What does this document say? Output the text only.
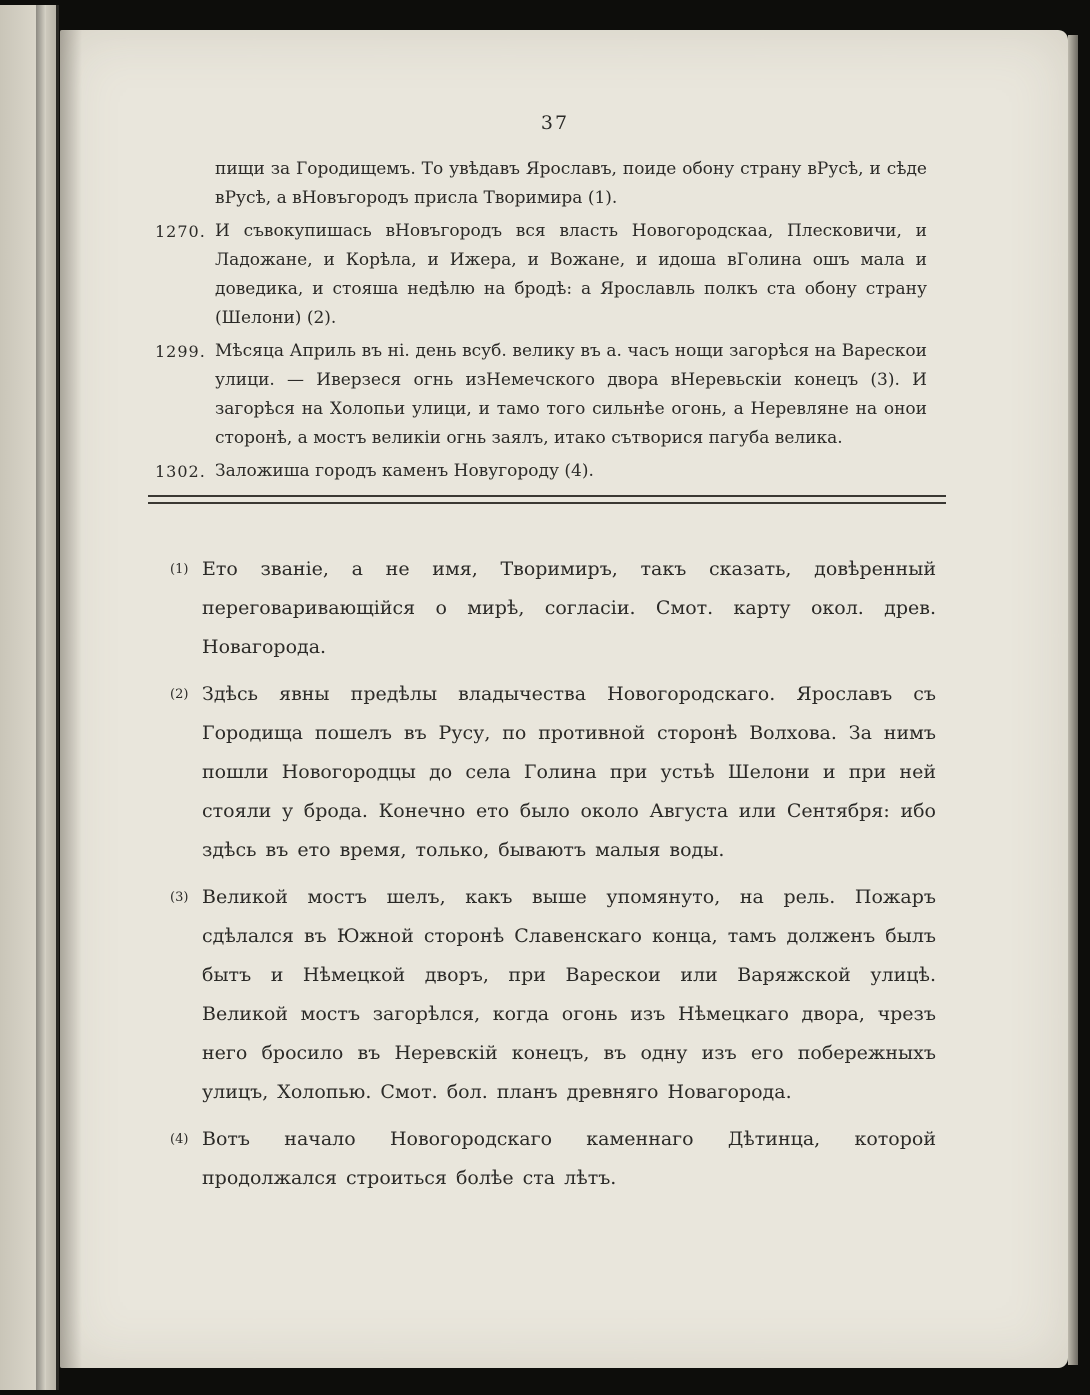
37
пищи за Городищемъ. То увѣдавъ Ярославъ, поиде обону страну вРусѣ, и сѣде вРусѣ, а вНовъгородъ присла Творимира (1).
1270. И съвокупишась вНовъгородъ вся власть Новогородскаа, Плесковичи, и Ладожане, и Корѣла, и Ижера, и Вожане, и идоша вГолина ошъ мала и доведика, и стояша недѣлю на бродѣ: а Ярославль полкъ ста обону страну (Шелони) (2).
1299. Мѣсяца Априль въ ні. день всуб. велику въ а. часъ нощи загорѣся на Варескои улици. — Иверзеся огнь изНемечского двора вНеревьскіи конецъ (3). И загорѣся на Холопьи улици, и тамо того сильнѣе огонь, а Неревляне на онои сторонѣ, а мостъ великіи огнь заялъ, итако сътворися пагуба велика.
1302. Заложиша городъ каменъ Новугороду (4).
(1) Ето званіе, а не имя, Творимиръ, такъ сказать, довѣренный переговаривающійся о мирѣ, согласіи. Смот. карту окол. древ. Новагорода.
(2) Здѣсь явны предѣлы владычества Новогородскаго. Ярославъ съ Городища пошелъ въ Русу, по противной сторонѣ Волхова. За нимъ пошли Новогородцы до села Голина при устьѣ Шелони и при ней стояли у брода. Конечно ето было около Августа или Сентября: ибо здѣсь въ ето время, только, бываютъ малыя воды.
(3) Великой мостъ шелъ, какъ выше упомянуто, на рель. Пожаръ сдѣлался въ Южной сторонѣ Славенскаго конца, тамъ долженъ былъ бытъ и Нѣмецкой дворъ, при Варескои или Варяжской улицѣ. Великой мостъ загорѣлся, когда огонь изъ Нѣмецкаго двора, чрезъ него бросило въ Неревскій конецъ, въ одну изъ его побережныхъ улицъ, Холопью. Смот. бол. планъ древняго Новагорода.
(4) Вотъ начало Новогородскаго каменнаго Дѣтинца, которой продолжался строиться болѣе ста лѣтъ.
